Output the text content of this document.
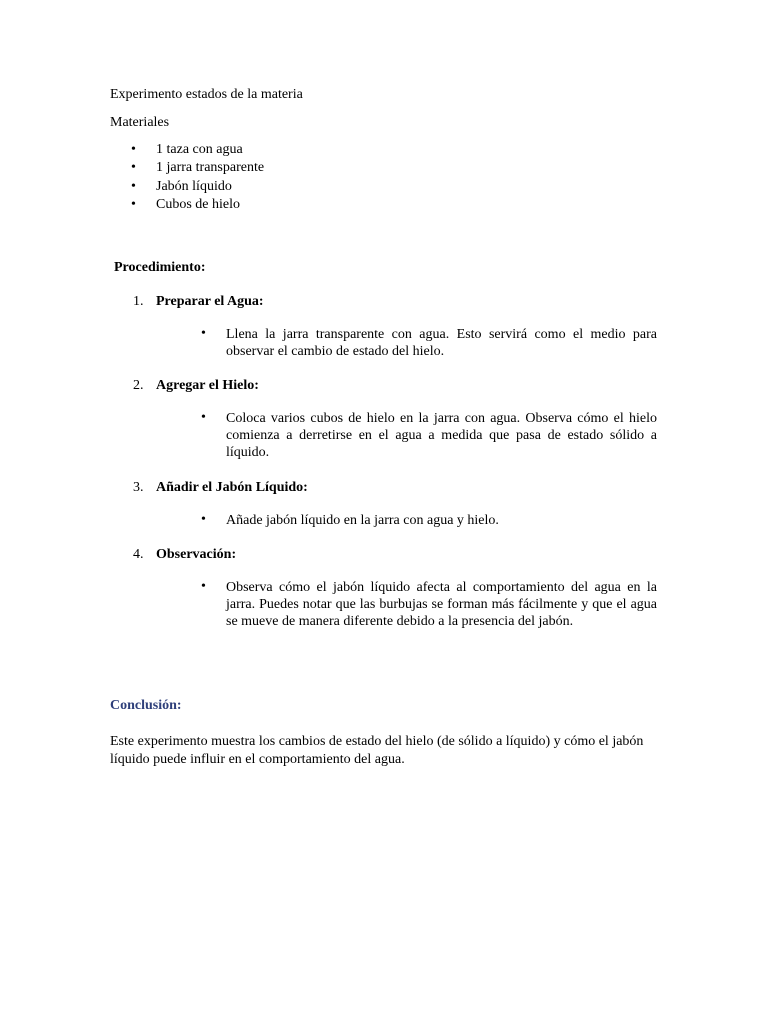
Experimento estados de la materia
Materiales
• 1 taza con agua
• 1 jarra transparente
• Jabón líquido
• Cubos de hielo
Procedimiento:
1. Preparar el Agua:
• Llena la jarra transparente con agua. Esto servirá como el medio para observar el cambio de estado del hielo.
2. Agregar el Hielo:
• Coloca varios cubos de hielo en la jarra con agua. Observa cómo el hielo comienza a derretirse en el agua a medida que pasa de estado sólido a líquido.
3. Añadir el Jabón Líquido:
• Añade jabón líquido en la jarra con agua y hielo.
4. Observación:
• Observa cómo el jabón líquido afecta al comportamiento del agua en la jarra. Puedes notar que las burbujas se forman más fácilmente y que el agua se mueve de manera diferente debido a la presencia del jabón.
Conclusión:
Este experimento muestra los cambios de estado del hielo (de sólido a líquido) y cómo el jabón líquido puede influir en el comportamiento del agua.
